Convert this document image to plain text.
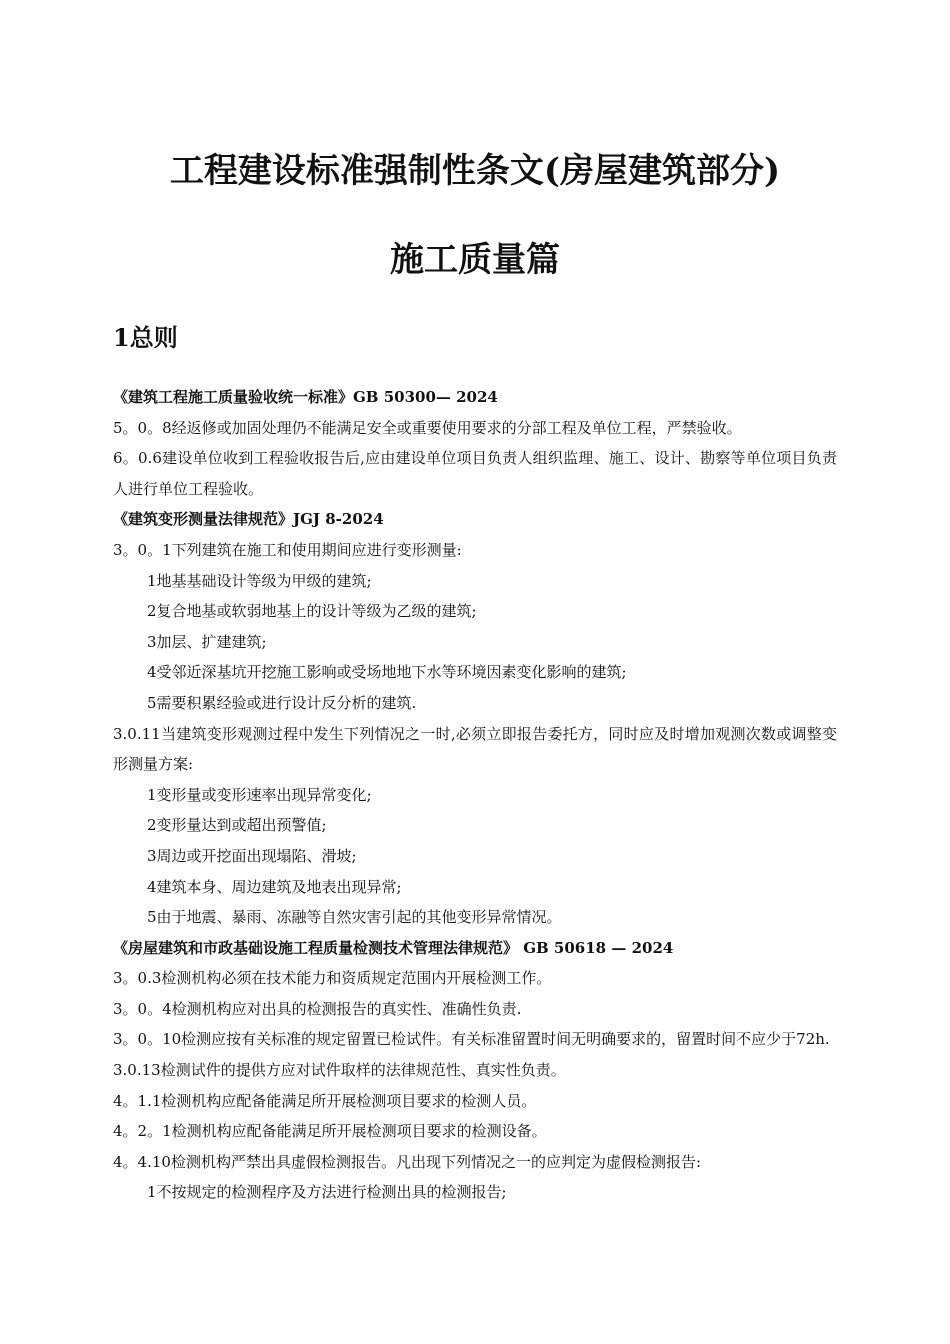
工程建设标准强制性条文(房屋建筑部分)
施工质量篇
1总则
《建筑工程施工质量验收统一标准》GB 50300— 2024
5。0。8经返修或加固处理仍不能满足安全或重要使用要求的分部工程及单位工程，严禁验收。
6。0.6建设单位收到工程验收报告后,应由建设单位项目负责人组织监理、施工、设计、勘察等单位项目负责人进行单位工程验收。
《建筑变形测量法律规范》JGJ 8-2024
3。0。1下列建筑在施工和使用期间应进行变形测量:
1地基基础设计等级为甲级的建筑;
2复合地基或软弱地基上的设计等级为乙级的建筑;
3加层、扩建建筑;
4受邻近深基坑开挖施工影响或受场地地下水等环境因素变化影响的建筑;
5需要积累经验或进行设计反分析的建筑.
3.0.11当建筑变形观测过程中发生下列情况之一时,必须立即报告委托方，同时应及时增加观测次数或调整变形测量方案:
1变形量或变形速率出现异常变化;
2变形量达到或超出预警值;
3周边或开挖面出现塌陷、滑坡;
4建筑本身、周边建筑及地表出现异常;
5由于地震、暴雨、冻融等自然灾害引起的其他变形异常情况。
《房屋建筑和市政基础设施工程质量检测技术管理法律规范》 GB 50618 — 2024
3。0.3检测机构必须在技术能力和资质规定范围内开展检测工作。
3。0。4检测机构应对出具的检测报告的真实性、准确性负责.
3。0。10检测应按有关标准的规定留置已检试件。有关标准留置时间无明确要求的，留置时间不应少于72h.
3.0.13检测试件的提供方应对试件取样的法律规范性、真实性负责。
4。1.1检测机构应配备能满足所开展检测项目要求的检测人员。
4。2。1检测机构应配备能满足所开展检测项目要求的检测设备。
4。4.10检测机构严禁出具虚假检测报告。凡出现下列情况之一的应判定为虚假检测报告:
1不按规定的检测程序及方法进行检测出具的检测报告;
